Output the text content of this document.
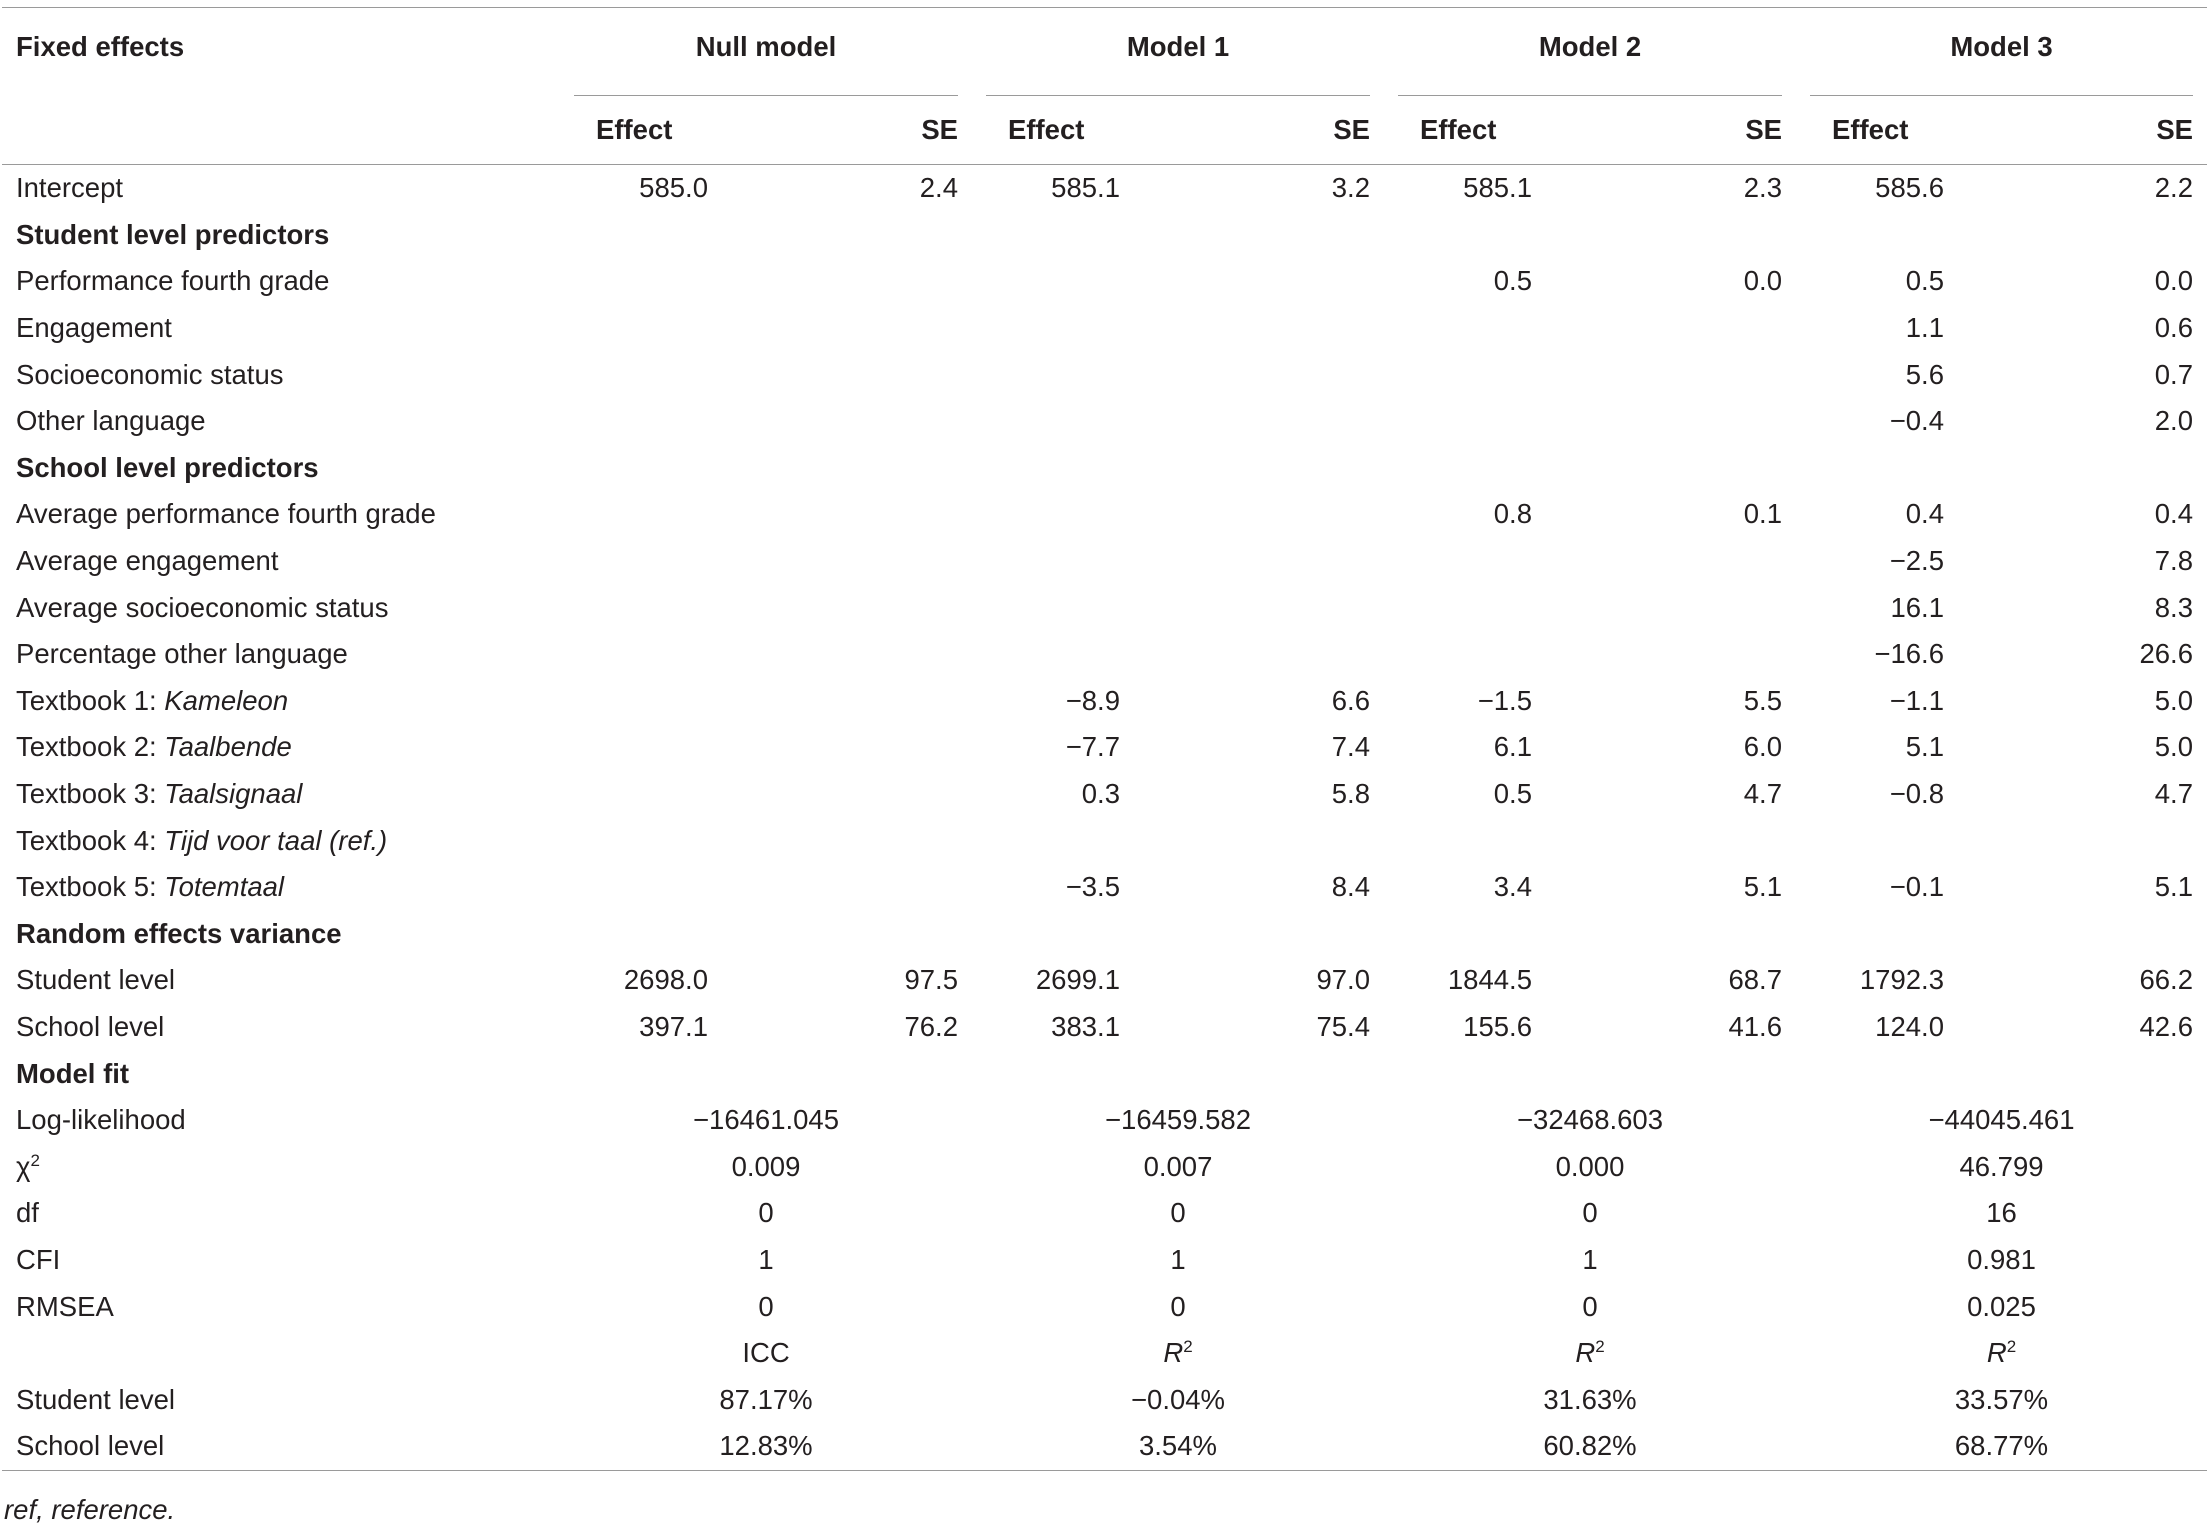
Fixed effects	Null model		Model 1		Model 2		Model 3	
	Effect	SE	Effect	SE	Effect	SE	Effect	SE
Intercept	585.0	2.4	585.1	3.2	585.1	2.3	585.6	2.2
Student level predictors								
Performance fourth grade					0.5	0.0	0.5	0.0
Engagement							1.1	0.6
Socioeconomic status							5.6	0.7
Other language							−0.4	2.0
School level predictors								
Average performance fourth grade					0.8	0.1	0.4	0.4
Average engagement							−2.5	7.8
Average socioeconomic status							16.1	8.3
Percentage other language							−16.6	26.6
Textbook 1: Kameleon			−8.9	6.6	−1.5	5.5	−1.1	5.0
Textbook 2: Taalbende			−7.7	7.4	6.1	6.0	5.1	5.0
Textbook 3: Taalsignaal			0.3	5.8	0.5	4.7	−0.8	4.7
Textbook 4: Tijd voor taal (ref.)								
Textbook 5: Totemtaal			−3.5	8.4	3.4	5.1	−0.1	5.1
Random effects variance								
Student level	2698.0	97.5	2699.1	97.0	1844.5	68.7	1792.3	66.2
School level	397.1	76.2	383.1	75.4	155.6	41.6	124.0	42.6
Model fit								
Log-likelihood	−16461.045		−16459.582		−32468.603		−44045.461	
$\chi^2$	0.009		0.007		0.000		46.799	
df	0		0		0		16	
CFI	1		1		1		0.981	
RMSEA	0		0		0		0.025	
	ICC		$R^2$		$R^2$		$R^2$
Student level	87.17%		−0.04%		31.63%		33.57%	
School level	12.83%		3.54%		60.82%		68.77%	
ref, reference.
